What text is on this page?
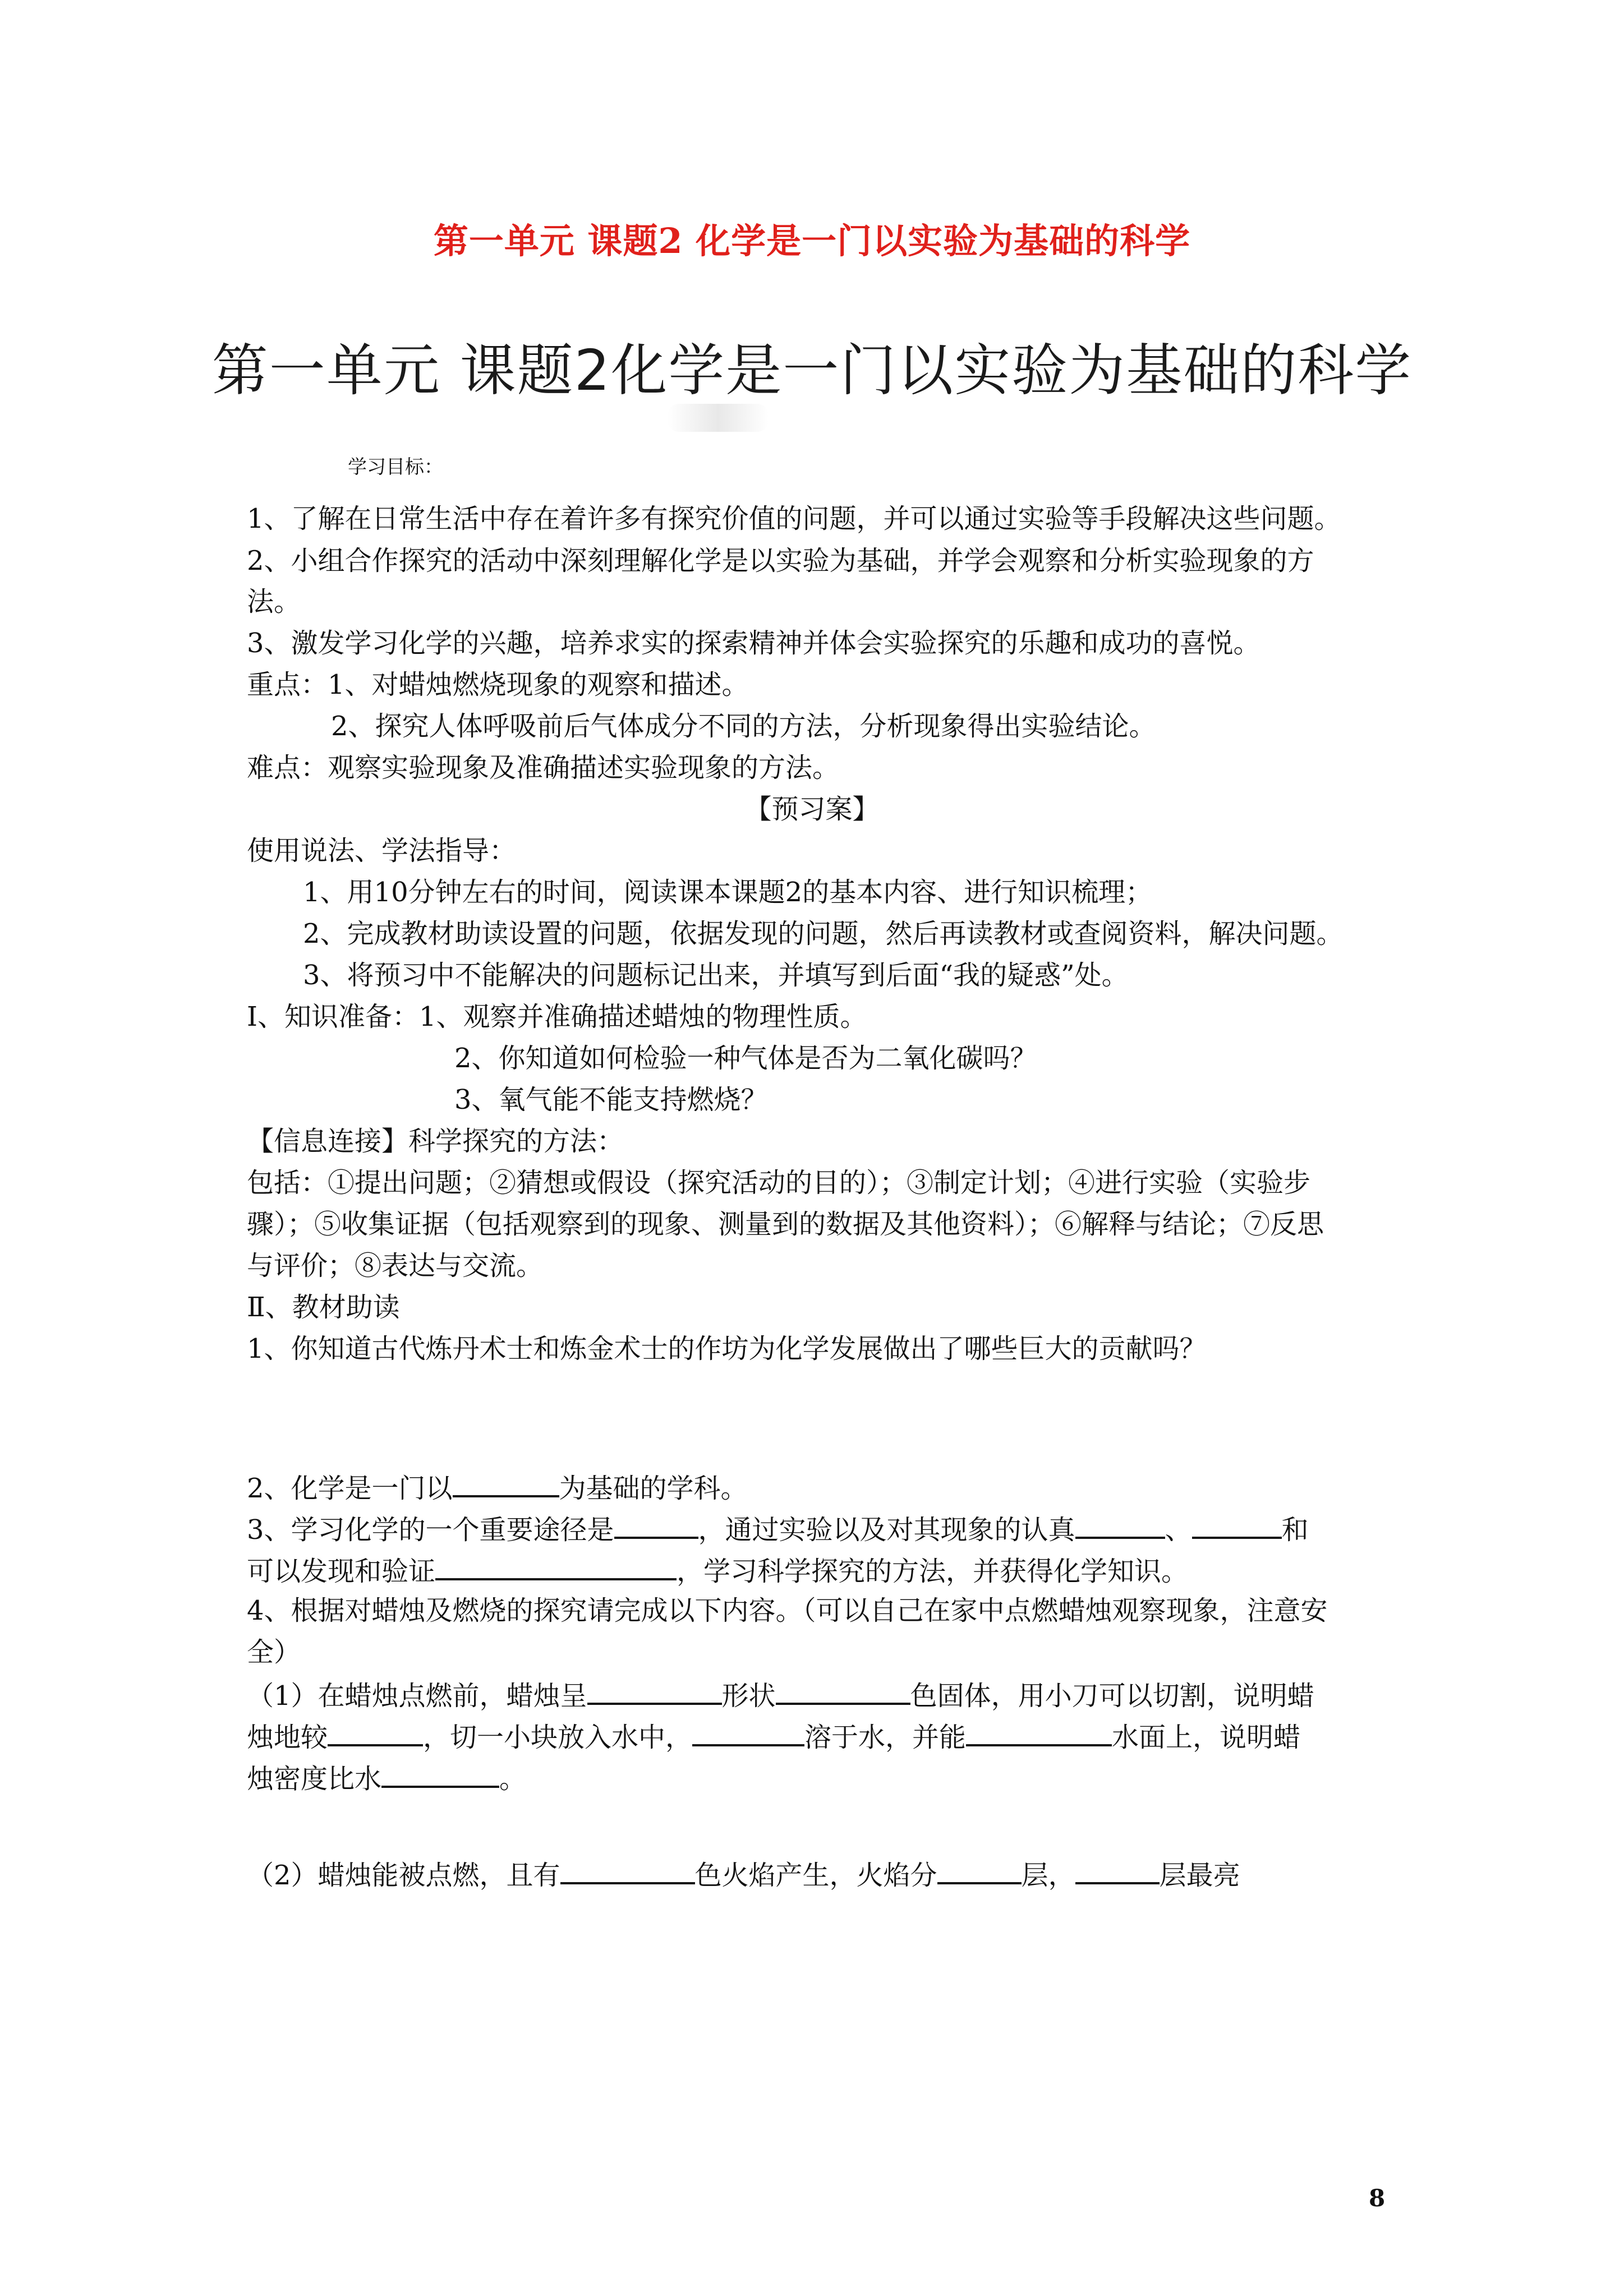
第一单元 课题2 化学是一门以实验为基础的科学
第一单元 课题2化学是一门以实验为基础的科学
学习目标：
1、了解在日常生活中存在着许多有探究价值的问题，并可以通过实验等手段解决这些问题。
2、小组合作探究的活动中深刻理解化学是以实验为基础，并学会观察和分析实验现象的方
法。
3、激发学习化学的兴趣，培养求实的探索精神并体会实验探究的乐趣和成功的喜悦。
重点：1、对蜡烛燃烧现象的观察和描述。
2、探究人体呼吸前后气体成分不同的方法，分析现象得出实验结论。
难点：观察实验现象及准确描述实验现象的方法。
【预习案】
使用说法、学法指导：
1、用10分钟左右的时间，阅读课本课题2的基本内容、进行知识梳理；
2、完成教材助读设置的问题，依据发现的问题，然后再读教材或查阅资料，解决问题。
3、将预习中不能解决的问题标记出来，并填写到后面“我的疑惑”处。
Ⅰ、知识准备：1、观察并准确描述蜡烛的物理性质。
2、你知道如何检验一种气体是否为二氧化碳吗？
3、氧气能不能支持燃烧？
【信息连接】科学探究的方法：
包括：①提出问题；②猜想或假设（探究活动的目的）；③制定计划；④进行实验（实验步
骤）；⑤收集证据（包括观察到的现象、测量到的数据及其他资料）；⑥解释与结论；⑦反思
与评价；⑧表达与交流。
Ⅱ、教材助读
1、你知道古代炼丹术士和炼金术士的作坊为化学发展做出了哪些巨大的贡献吗？
2、化学是一门以	为基础的学科。
3、学习化学的一个重要途径是	，通过实验以及对其现象的认真	、	和
可以发现和验证	，学习科学探究的方法，并获得化学知识。
4、根据对蜡烛及燃烧的探究请完成以下内容。（可以自己在家中点燃蜡烛观察现象，注意安
全）
（1）在蜡烛点燃前，蜡烛呈	形状	色固体，用小刀可以切割，说明蜡
烛地较	，切一小块放入水中，	溶于水，并能	水面上，说明蜡
烛密度比水	。
（2）蜡烛能被点燃，且有	色火焰产生，火焰分	层，	层最亮
8
